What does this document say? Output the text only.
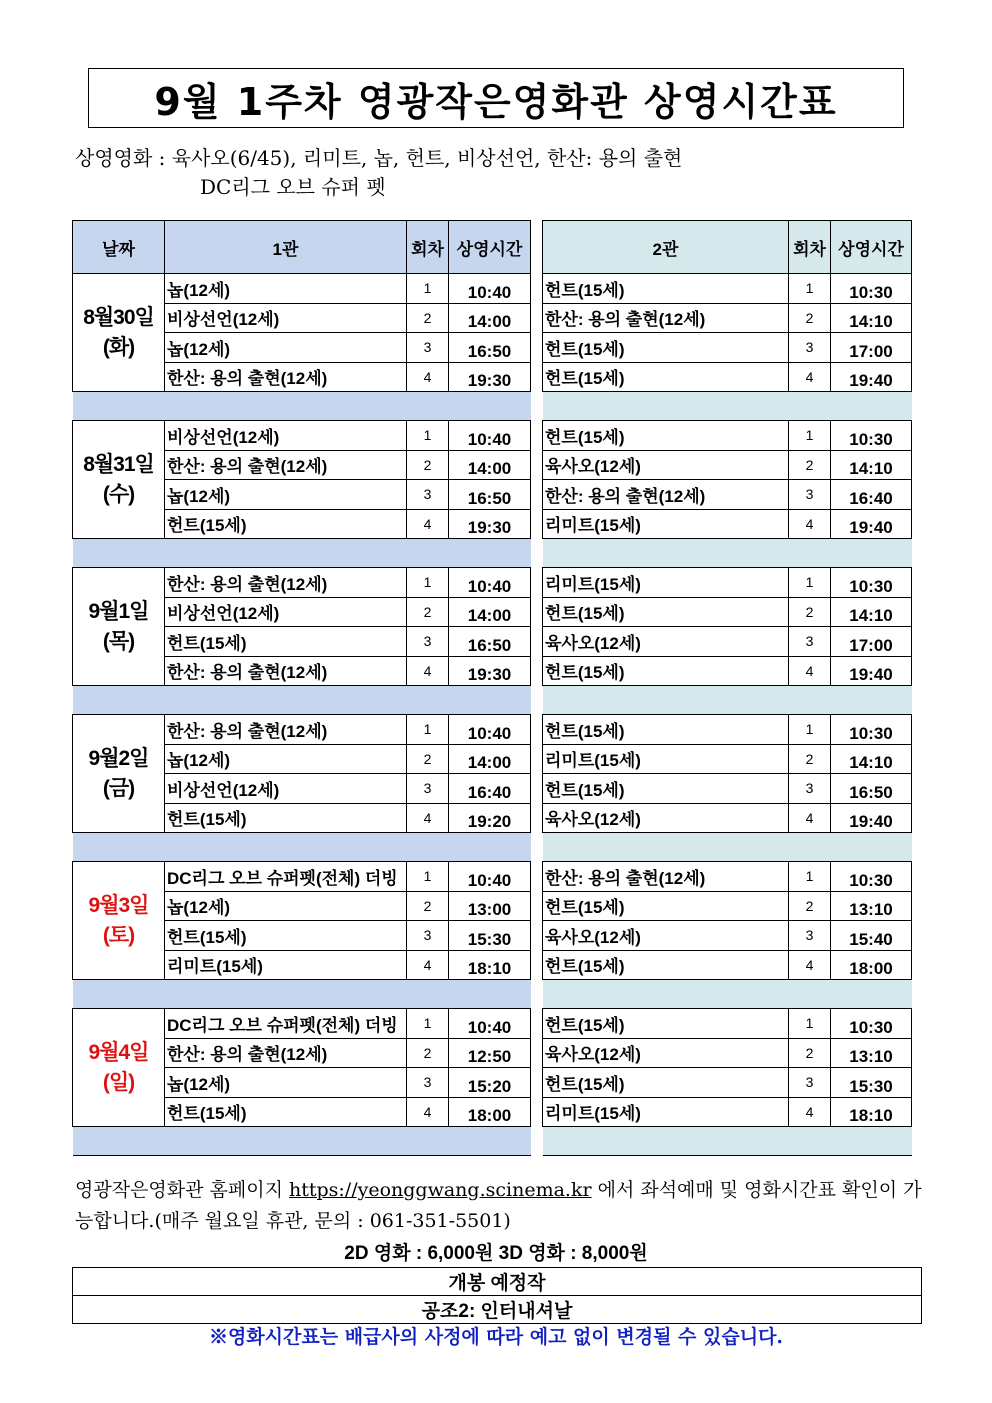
9월 1주차 영광작은영화관 상영시간표
상영영화 : 육사오(6/45), 리미트, 놉, 헌트, 비상선언, 한산: 용의 출현
DC리그 오브 슈퍼 펫
날짜	1관	회차	상영시간

8월30일
(화)	놉(12세)	1	10:40
	비상선언(12세)	2	14:00
	놉(12세)	3	16:50
	한산: 용의 출현(12세)	4	19:30

8월31일
(수)	비상선언(12세)	1	10:40
	한산: 용의 출현(12세)	2	14:00
	놉(12세)	3	16:50
	헌트(15세)	4	19:30

9월1일
(목)	한산: 용의 출현(12세)	1	10:40
	비상선언(12세)	2	14:00
	헌트(15세)	3	16:50
	한산: 용의 출현(12세)	4	19:30

9월2일
(금)	한산: 용의 출현(12세)	1	10:40
	놉(12세)	2	14:00
	비상선언(12세)	3	16:40
	헌트(15세)	4	19:20

9월3일
(토)	DC리그 오브 슈퍼펫(전체) 더빙	1	10:40
	놉(12세)	2	13:00
	헌트(15세)	3	15:30
	리미트(15세)	4	18:10

9월4일
(일)	DC리그 오브 슈퍼펫(전체) 더빙	1	10:40
	한산: 용의 출현(12세)	2	12:50
	놉(12세)	3	15:20
	헌트(15세)	4	18:00

2관	회차	상영시간
헌트(15세)	1	10:30
한산: 용의 출현(12세)	2	14:10
헌트(15세)	3	17:00
헌트(15세)	4	19:40

헌트(15세)	1	10:30
육사오(12세)	2	14:10
한산: 용의 출현(12세)	3	16:40
리미트(15세)	4	19:40

리미트(15세)	1	10:30
헌트(15세)	2	14:10
육사오(12세)	3	17:00
헌트(15세)	4	19:40

헌트(15세)	1	10:30
리미트(15세)	2	14:10
헌트(15세)	3	16:50
육사오(12세)	4	19:40

한산: 용의 출현(12세)	1	10:30
헌트(15세)	2	13:10
육사오(12세)	3	15:40
헌트(15세)	4	18:00

헌트(15세)	1	10:30
육사오(12세)	2	13:10
헌트(15세)	3	15:30
리미트(15세)	4	18:10

영광작은영화관 홈페이지 https://yeonggwang.scinema.kr 에서 좌석예매 및 영화시간표 확인이 가능합니다.(매주 월요일 휴관, 문의 : 061-351-5501)
2D 영화 : 6,000원 3D 영화 : 8,000원
개봉 예정작
공조2: 인터내셔날
※영화시간표는 배급사의 사정에 따라 예고 없이 변경될 수 있습니다.
